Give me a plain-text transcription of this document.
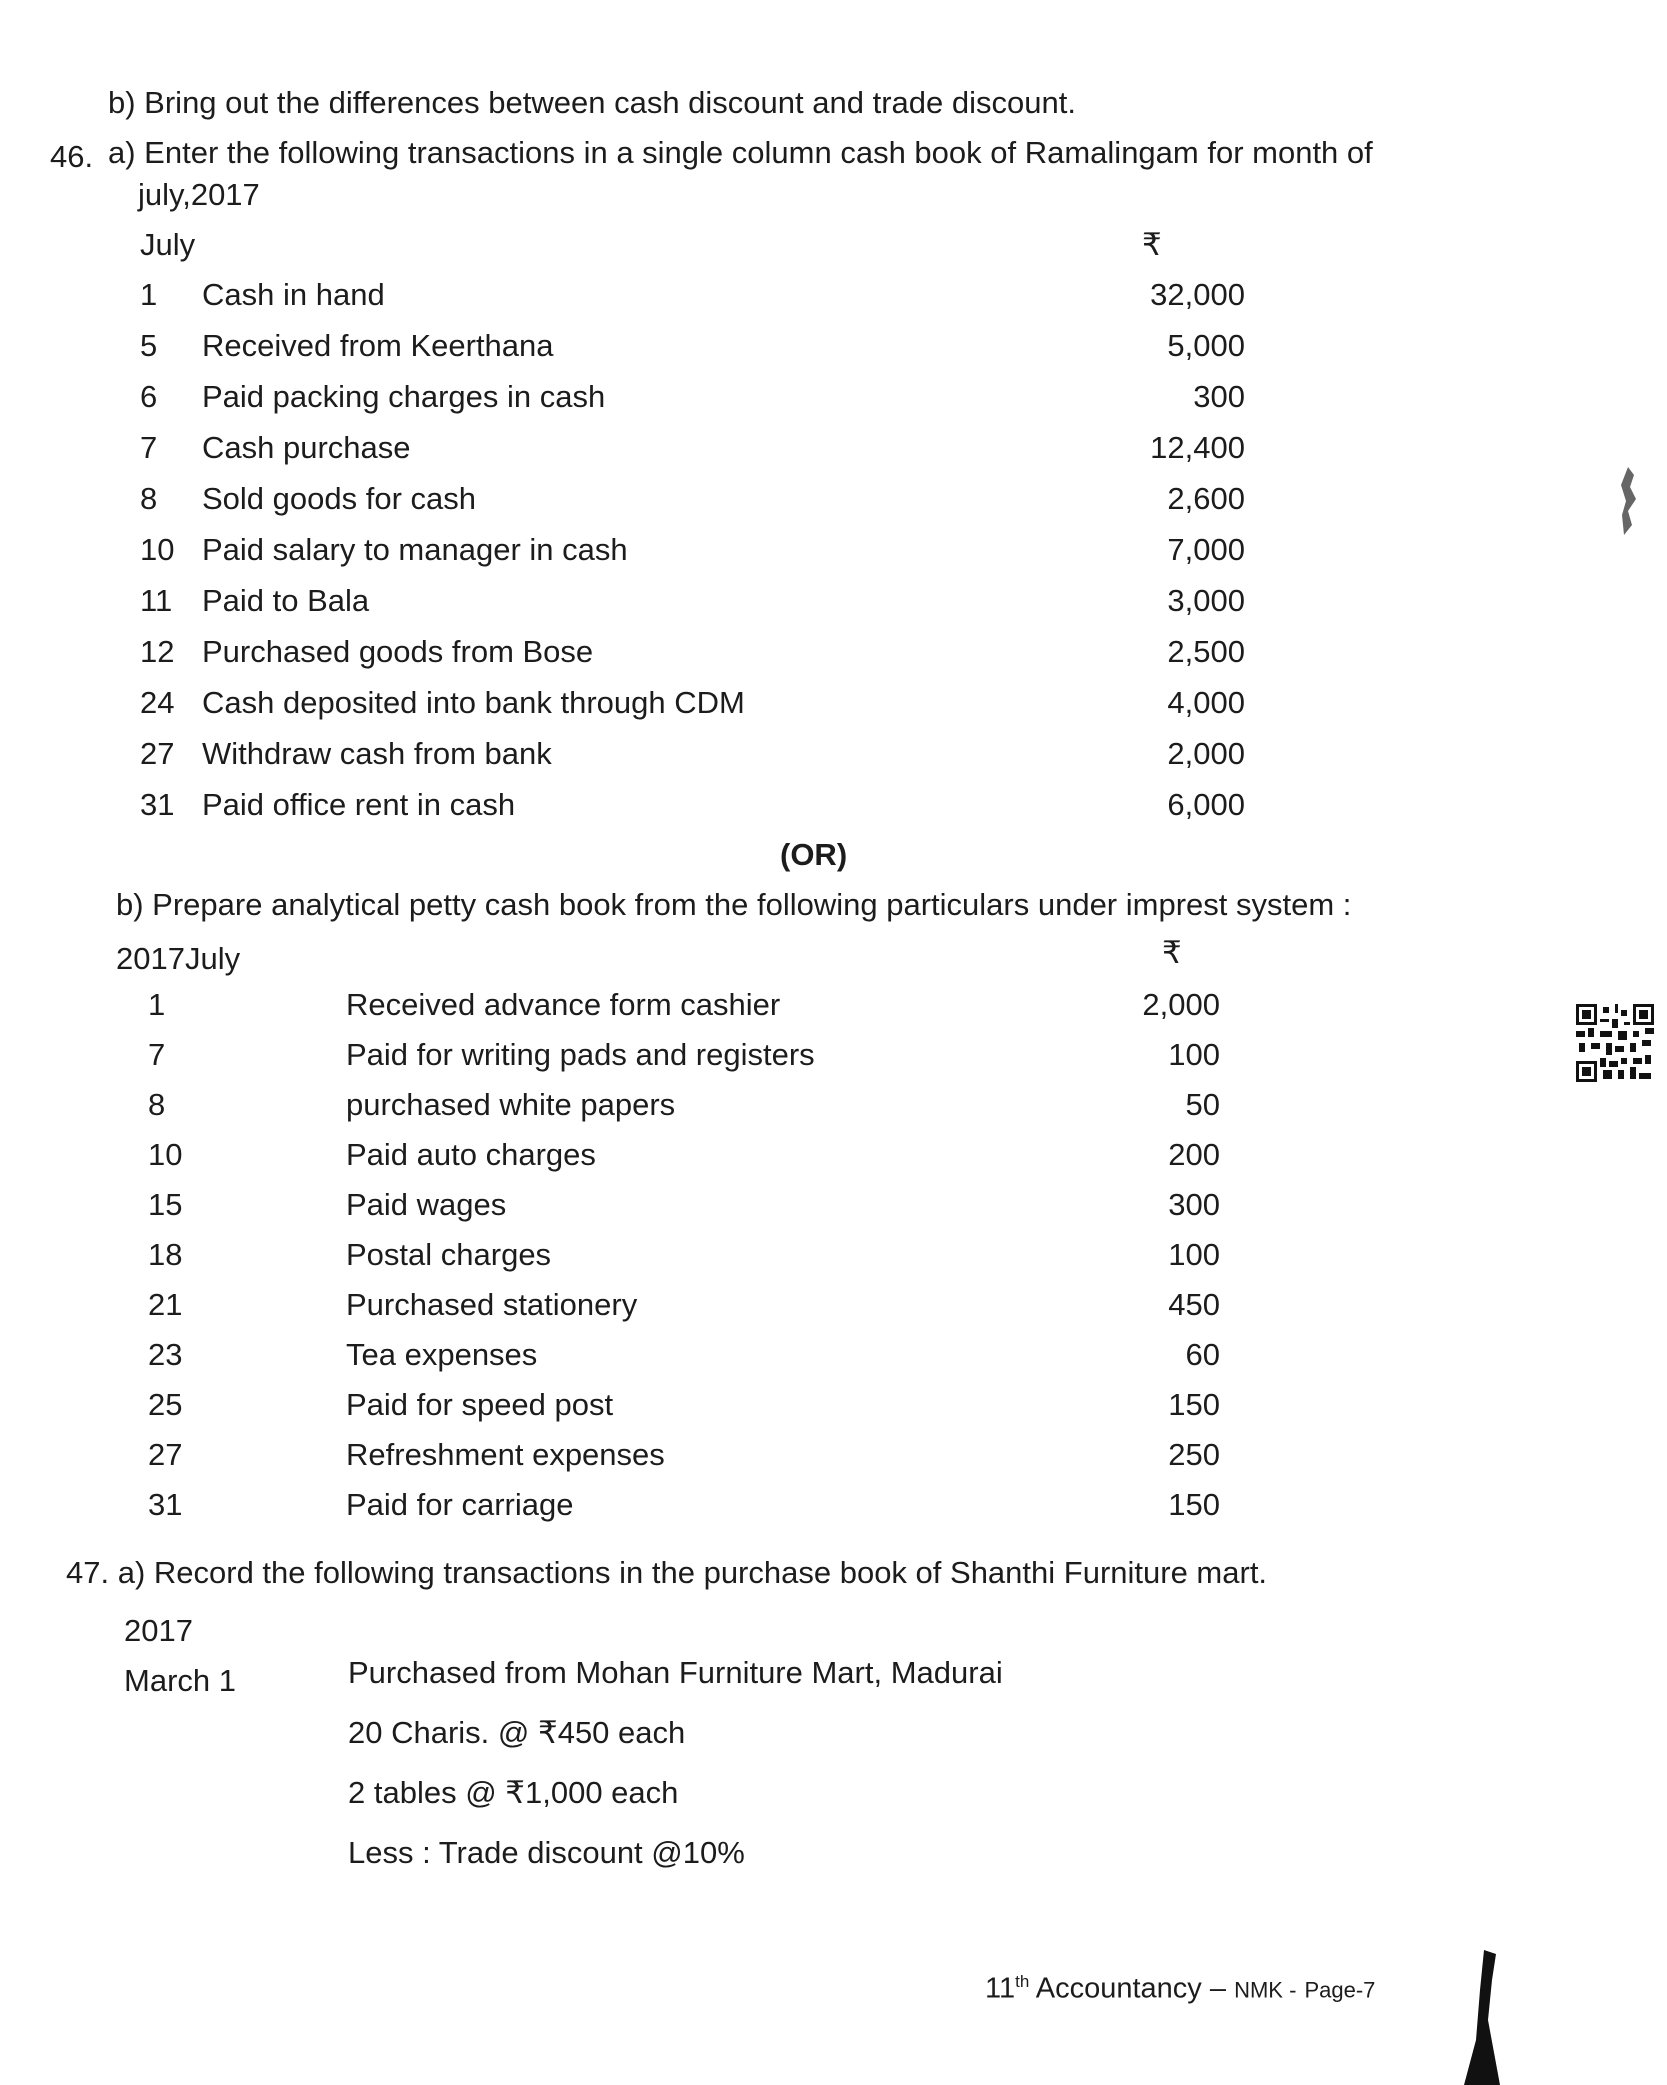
b) Bring out the differences between cash discount and trade discount.
46. a) Enter the following transactions in a single column cash book of Ramalingam for month of
july,2017
July	₹
1 Cash in hand	32,000
5 Received from Keerthana	5,000
6 Paid packing charges in cash	300
7 Cash purchase	12,400
8 Sold goods for cash	2,600
10 Paid salary to manager in cash	7,000
11 Paid to Bala	3,000
12 Purchased goods from Bose	2,500
24 Cash deposited into bank through CDM	4,000
27 Withdraw cash from bank	2,000
31 Paid office rent in cash	6,000
(OR)
b) Prepare analytical petty cash book from the following particulars under imprest system :
2017July	₹
1	Received advance form cashier	2,000
7	Paid for writing pads and registers	100
8	purchased white papers	50
10	Paid auto charges	200
15	Paid wages	300
18	Postal charges	100
21	Purchased stationery	450
23	Tea expenses	60
25	Paid for speed post	150
27	Refreshment expenses	250
31	Paid for carriage	150
47. a) Record the following transactions in the purchase book of Shanthi Furniture mart.
2017
March 1	Purchased from Mohan Furniture Mart, Madurai
20 Charis. @ ₹450 each
2 tables @ ₹1,000 each
Less : Trade discount @10%
11th Accountancy – NMK - Page-7
